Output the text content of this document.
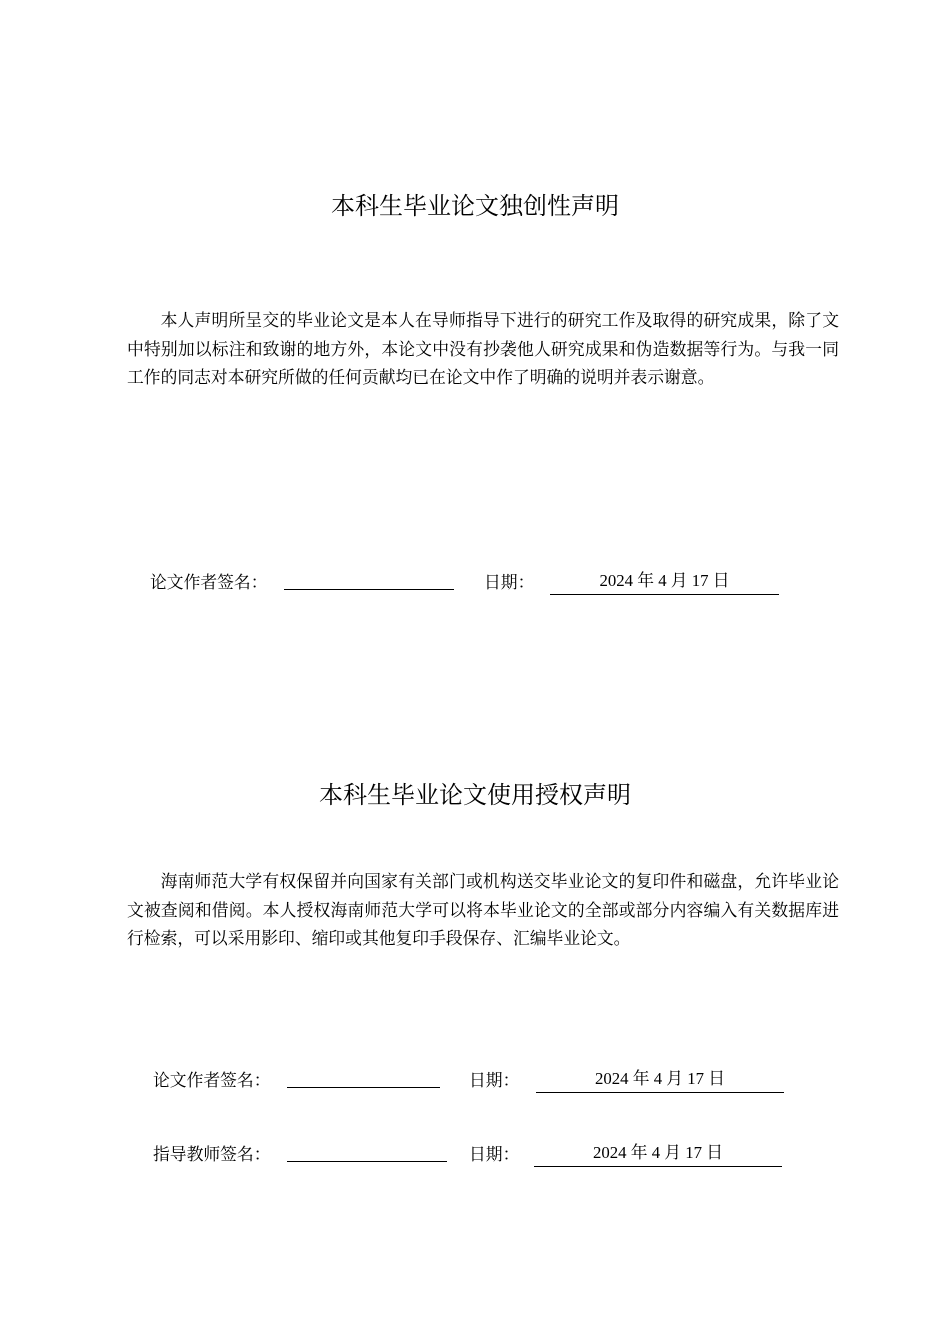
本科生毕业论文独创性声明

本人声明所呈交的毕业论文是本人在导师指导下进行的研究工作及取得的研究成果，除了文中特别加以标注和致谢的地方外，本论文中没有抄袭他人研究成果和伪造数据等行为。与我一同工作的同志对本研究所做的任何贡献均已在论文中作了明确的说明并表示谢意。

论文作者签名：	日期：	2024 年 4 月 17 日
本科生毕业论文使用授权声明

海南师范大学有权保留并向国家有关部门或机构送交毕业论文的复印件和磁盘，允许毕业论文被查阅和借阅。本人授权海南师范大学可以将本毕业论文的全部或部分内容编入有关数据库进行检索，可以采用影印、缩印或其他复印手段保存、汇编毕业论文。

论文作者签名：	日期：	2024 年 4 月 17 日
指导教师签名：	日期：	2024 年 4 月 17 日
